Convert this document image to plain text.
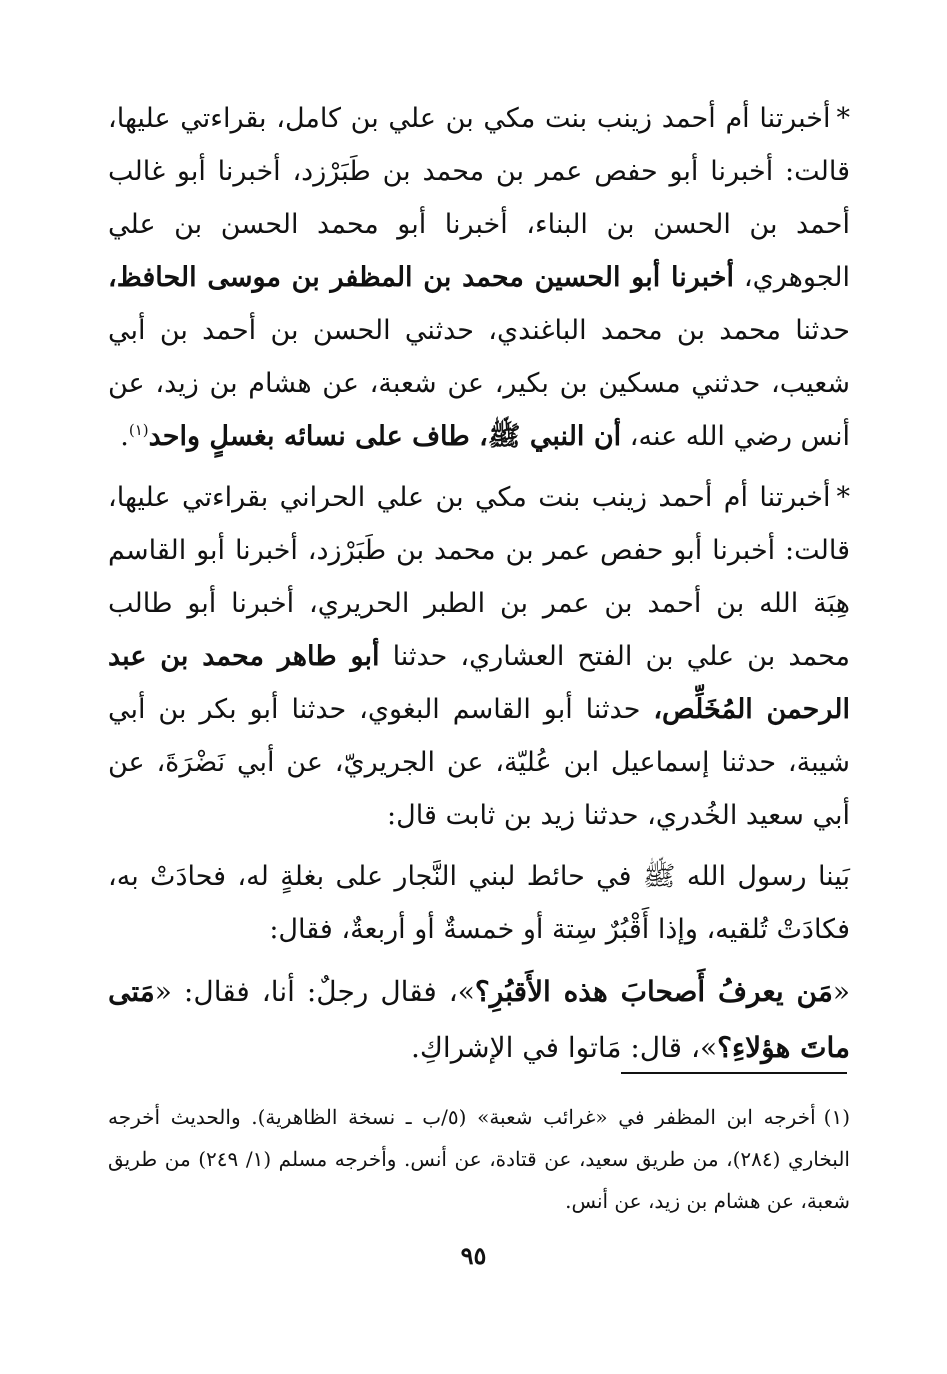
*أخبرتنا أم أحمد زينب بنت مكي بن علي بن كامل، بقراءتي عليها، قالت: أخبرنا أبو حفص عمر بن محمد بن طَبَرْزد، أخبرنا أبو غالب أحمد بن الحسن بن البناء، أخبرنا أبو محمد الحسن بن علي الجوهري، أخبرنا أبو الحسين محمد بن المظفر بن موسى الحافظ، حدثنا محمد بن محمد الباغندي، حدثني الحسن بن أحمد بن أبي شعيب، حدثني مسكين بن بكير، عن شعبة، عن هشام بن زيد، عن أنس رضي الله عنه، أن النبي ﷺ، طاف على نسائه بغسلٍ واحد$^{(١)}$.

*أخبرتنا أم أحمد زينب بنت مكي بن علي الحراني بقراءتي عليها، قالت: أخبرنا أبو حفص عمر بن محمد بن طَبَرْزد، أخبرنا أبو القاسم هِبَة الله بن أحمد بن عمر بن الطبر الحريري، أخبرنا أبو طالب محمد بن علي بن الفتح العشاري، حدثنا أبو طاهر محمد بن عبد الرحمن المُخَلِّص، حدثنا أبو القاسم البغوي، حدثنا أبو بكر بن أبي شيبة، حدثنا إسماعيل ابن عُليّة، عن الجريريّ، عن أبي نَضْرَةَ، عن أبي سعيد الخُدري، حدثنا زيد بن ثابت قال:

بَينا رسول الله ﷺ في حائط لبني النَّجار على بغلةٍ له، فحادَتْ به، فكادَتْ تُلقيه، وإذا أَقْبُرٌ سِتة أو خمسةٌ أو أربعةٌ، فقال:

«مَن يعرفُ أَصحابَ هذه الأَقبُرِ؟»، فقال رجلٌ: أنا، فقال: «مَتى ماتَ هؤلاءِ؟»، قال: مَاتوا في الإشراكِ.

(١)أخرجه ابن المظفر في «غرائب شعبة» (٥/ب ـ نسخة الظاهرية). والحديث أخرجه البخاري (٢٨٤)، من طريق سعيد، عن قتادة، عن أنس. وأخرجه مسلم (١/ ٢٤٩) من طريق شعبة، عن هشام بن زيد، عن أنس.
٩٥
